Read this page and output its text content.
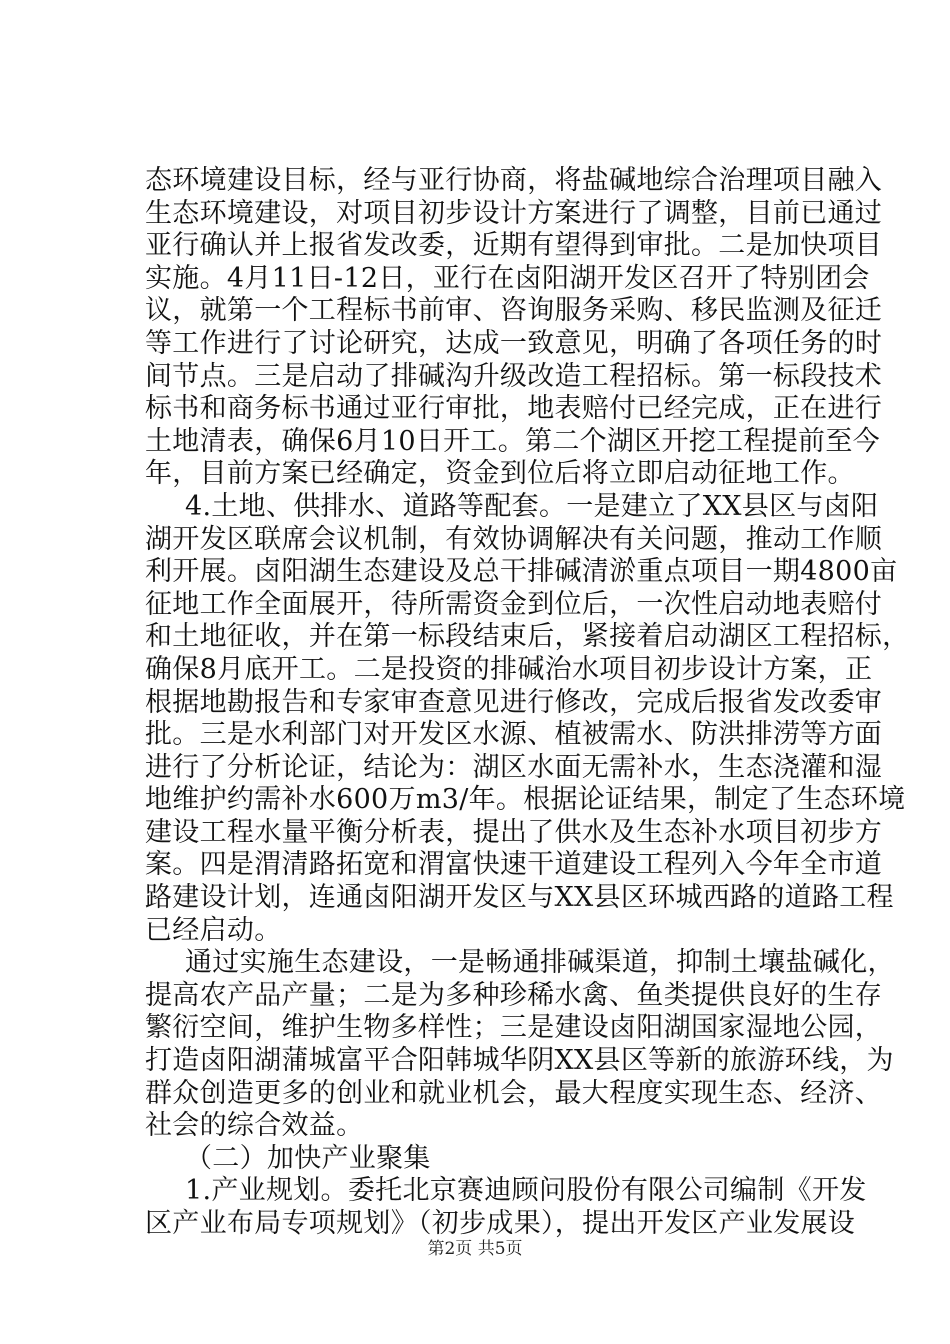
态环境建设目标，经与亚行协商，将盐碱地综合治理项目融入
生态环境建设，对项目初步设计方案进行了调整，目前已通过
亚行确认并上报省发改委，近期有望得到审批。二是加快项目
实施。4月11日-12日，亚行在卤阳湖开发区召开了特别团会
议，就第一个工程标书前审、咨询服务采购、移民监测及征迁
等工作进行了讨论研究，达成一致意见，明确了各项任务的时
间节点。三是启动了排碱沟升级改造工程招标。第一标段技术
标书和商务标书通过亚行审批，地表赔付已经完成，正在进行
土地清表，确保6月10日开工。第二个湖区开挖工程提前至今
年，目前方案已经确定，资金到位后将立即启动征地工作。
4.土地、供排水、道路等配套。一是建立了XX县区与卤阳
湖开发区联席会议机制，有效协调解决有关问题，推动工作顺
利开展。卤阳湖生态建设及总干排碱清淤重点项目一期4800亩
征地工作全面展开，待所需资金到位后，一次性启动地表赔付
和土地征收，并在第一标段结束后，紧接着启动湖区工程招标，
确保8月底开工。二是投资的排碱治水项目初步设计方案，正
根据地勘报告和专家审查意见进行修改，完成后报省发改委审
批。三是水利部门对开发区水源、植被需水、防洪排涝等方面
进行了分析论证，结论为：湖区水面无需补水，生态浇灌和湿
地维护约需补水600万m3/年。根据论证结果，制定了生态环境
建设工程水量平衡分析表，提出了供水及生态补水项目初步方
案。四是渭清路拓宽和渭富快速干道建设工程列入今年全市道
路建设计划，连通卤阳湖开发区与XX县区环城西路的道路工程
已经启动。
通过实施生态建设，一是畅通排碱渠道，抑制土壤盐碱化，
提高农产品产量；二是为多种珍稀水禽、鱼类提供良好的生存
繁衍空间，维护生物多样性；三是建设卤阳湖国家湿地公园，
打造卤阳湖蒲城富平合阳韩城华阴XX县区等新的旅游环线，为
群众创造更多的创业和就业机会，最大程度实现生态、经济、
社会的综合效益。
（二）加快产业聚集
1.产业规划。委托北京赛迪顾问股份有限公司编制《开发
区产业布局专项规划》（初步成果），提出开发区产业发展设
第2页 共5页
